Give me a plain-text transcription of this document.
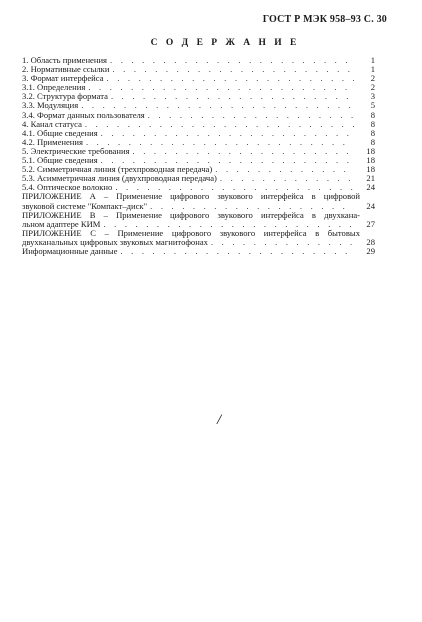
ГОСТ Р МЭК 958–93 С. 30
С О Д Е Р Ж А Н И Е
1. Область применения . . .	1
2. Нормативные ссылки . . .	1
3. Формат интерфейса . . .	2
3.1. Определения . . .	2
3.2. Структура формата . . .	3
3.3. Модуляция . . .	5
3.4. Формат данных пользователя . . .	8
4. Канал статуса . . .	8
4.1. Общие сведения . . .	8
4.2. Применения . . .	8
5. Электрические требования . . .	18
5.1. Общие сведения . . .	18
5.2. Симметричная линия (трехпроводная передача) . . .	18
5.3. Асимметричная линия (двухпроводная передача) . . .	21
5.4. Оптическое волокно . . .	24
ПРИЛОЖЕНИЕ А – Применение цифрового звукового интерфейса в цифровой
звуковой системе "Компакт–диск" . . .	24
ПРИЛОЖЕНИЕ В – Применение цифрового звукового интерфейса в двухкана-
льном адаптере КИМ . . .	27
ПРИЛОЖЕНИЕ С – Применение цифрового звукового интерфейса в бытовых
двухканальных цифровых звуковых магнитофонах . . .	28
Информационные данные . . .	29
/
